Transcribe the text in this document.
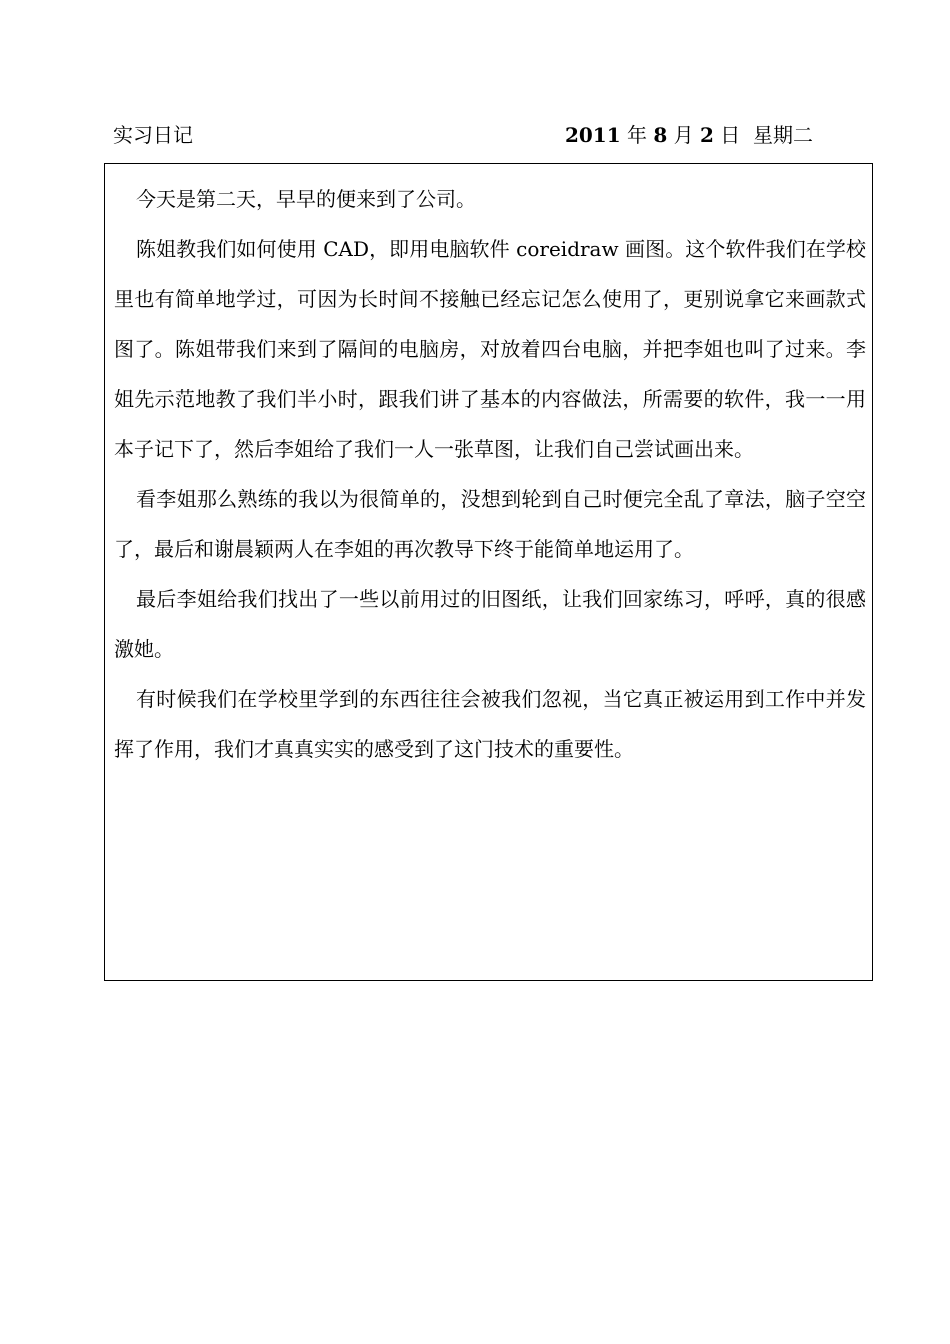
实习日记	2011 年 8 月 2 日 星期二

今天是第二天，早早的便来到了公司。

陈姐教我们如何使用 CAD，即用电脑软件 coreidraw 画图。这个软件我们在学校里也有简单地学过，可因为长时间不接触已经忘记怎么使用了，更别说拿它来画款式图了。陈姐带我们来到了隔间的电脑房，对放着四台电脑，并把李姐也叫了过来。李姐先示范地教了我们半小时，跟我们讲了基本的内容做法，所需要的软件，我一一用本子记下了，然后李姐给了我们一人一张草图，让我们自己尝试画出来。

看李姐那么熟练的我以为很简单的，没想到轮到自己时便完全乱了章法，脑子空空了，最后和谢晨颖两人在李姐的再次教导下终于能简单地运用了。

最后李姐给我们找出了一些以前用过的旧图纸，让我们回家练习，呼呼，真的很感激她。

有时候我们在学校里学到的东西往往会被我们忽视，当它真正被运用到工作中并发挥了作用，我们才真真实实的感受到了这门技术的重要性。
